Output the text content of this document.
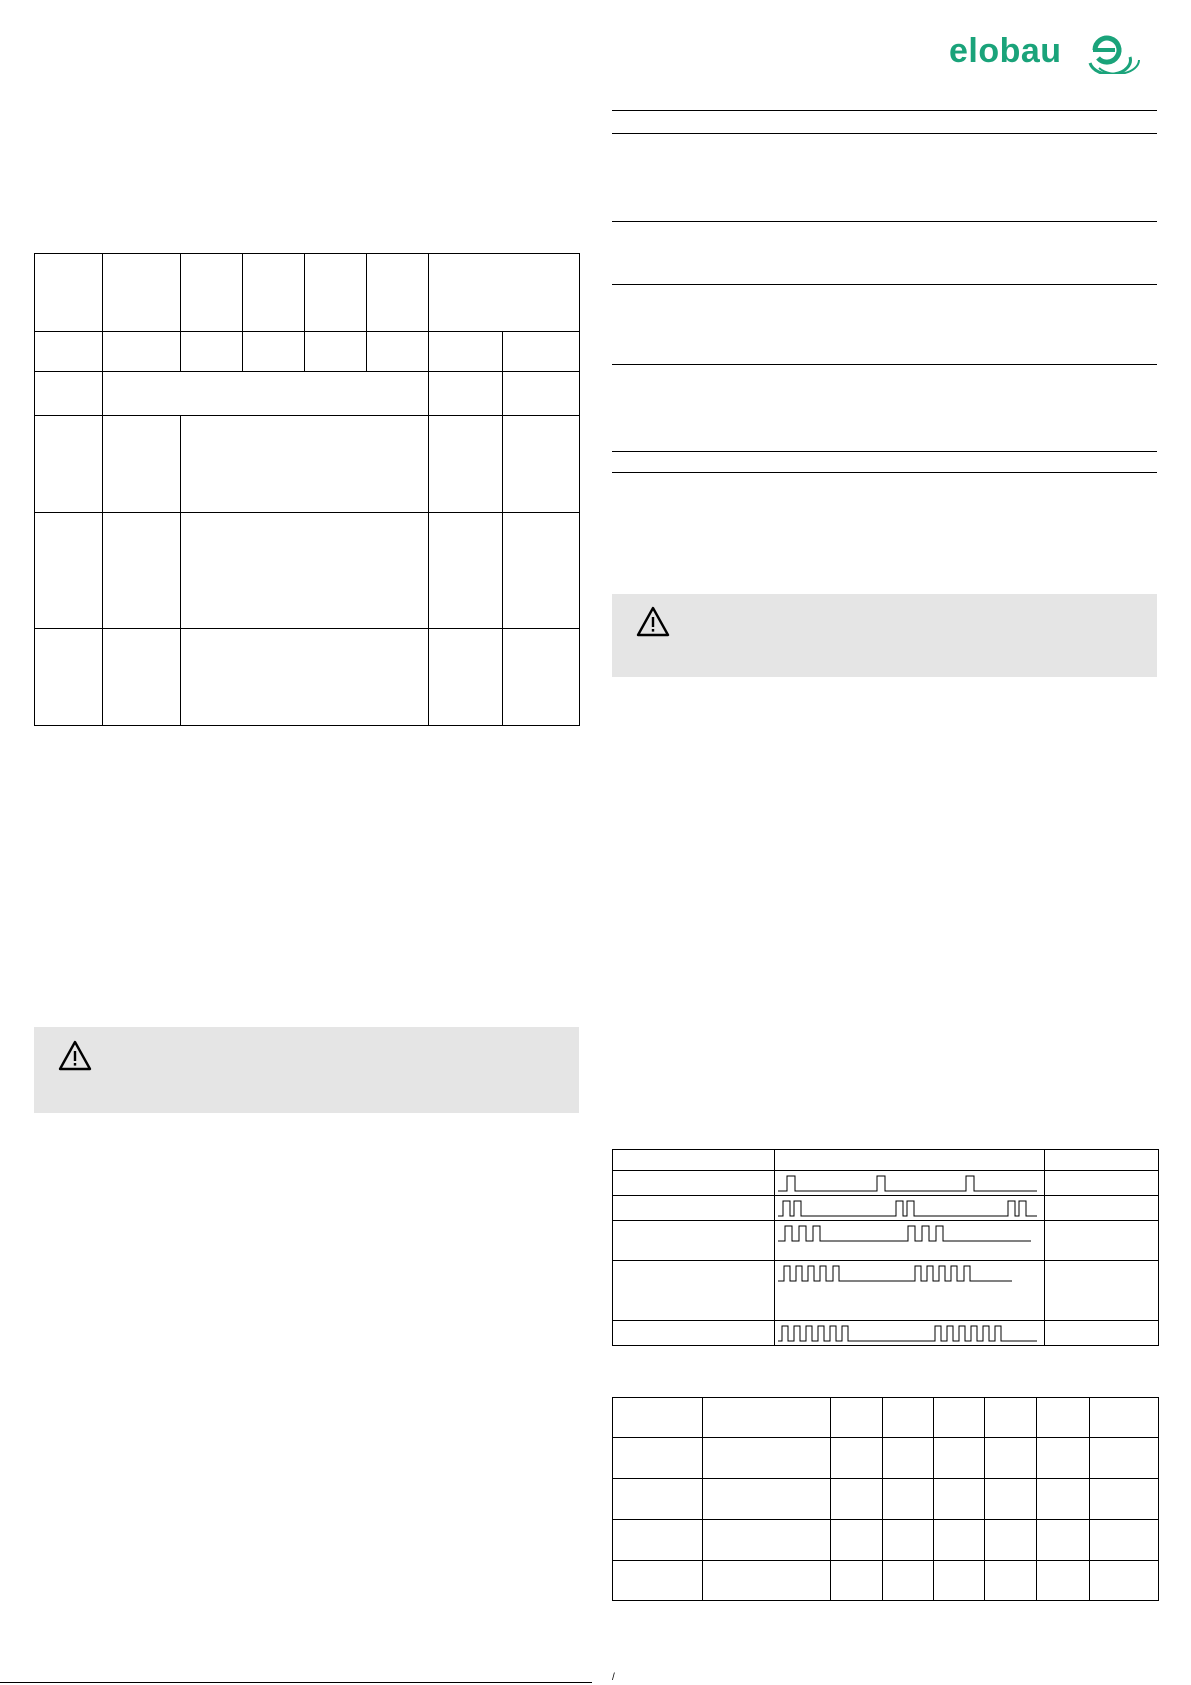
elobau

/
